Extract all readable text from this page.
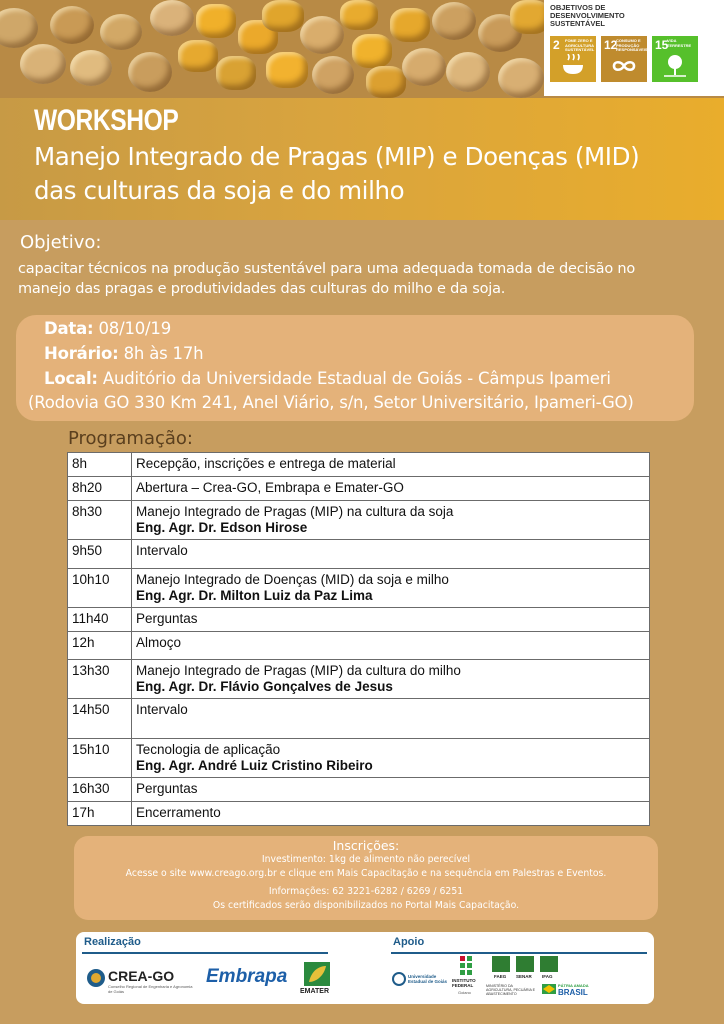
OBJETIVOS DE
DESENVOLVIMENTO
SUSTENTÁVEL
2 FOME ZERO E AGRICULTURA SUSTENTÁVEL 12
CONSUMO E PRODUÇÃO RESPONSÁVEIS 15
VIDA TERRESTRE
WORKSHOP
Manejo Integrado de Pragas (MIP) e Doenças (MID)
das culturas da soja e do milho
Objetivo:
capacitar técnicos na produção sustentável para uma adequada tomada de decisão no
manejo das pragas e produtividades das culturas do milho e da soja.
Data: 08/10/19
Horário: 8h às 17h
Local: Auditório da Universidade Estadual de Goiás - Câmpus Ipameri
(Rodovia GO 330 Km 241, Anel Viário, s/n, Setor Universitário, Ipameri-GO)
Programação:
8h	Recepção, inscrições e entrega de material
8h20	Abertura – Crea-GO, Embrapa e Emater-GO
8h30	Manejo Integrado de Pragas (MIP) na cultura da soja
Eng. Agr. Dr. Edson Hirose

9h50	Intervalo
10h10	Manejo Integrado de Doenças (MID) da soja e milho
Eng. Agr. Dr. Milton Luiz da Paz Lima

11h40	Perguntas
12h	Almoço
13h30	Manejo Integrado de Pragas (MIP) da cultura do milho
Eng. Agr. Dr. Flávio Gonçalves de Jesus

14h50	Intervalo
15h10	Tecnologia de aplicação
Eng. Agr. André Luiz Cristino Ribeiro

16h30	Perguntas
17h	Encerramento
Inscrições:
Investimento: 1kg de alimento não perecível
Acesse o site www.creago.org.br e clique em Mais Capacitação e na sequência em Palestras e Eventos.
Informações: 62 3221-6282 / 6269 / 6251
Os certificados serão disponibilizados no Portal Mais Capacitação.
Realização	Apoio
CREA-GO
Conselho Regional de Engenharia e Agronomia de Goiás
Embrapa
EMATER
Universidade Estadual de Goiás INSTITUTO FEDERAL
Goiano
FAEG SENAR IFAG
MINISTÉRIO DA AGRICULTURA, PECUÁRIA E ABASTECIMENTO
PÁTRIA AMADA
BRASIL
